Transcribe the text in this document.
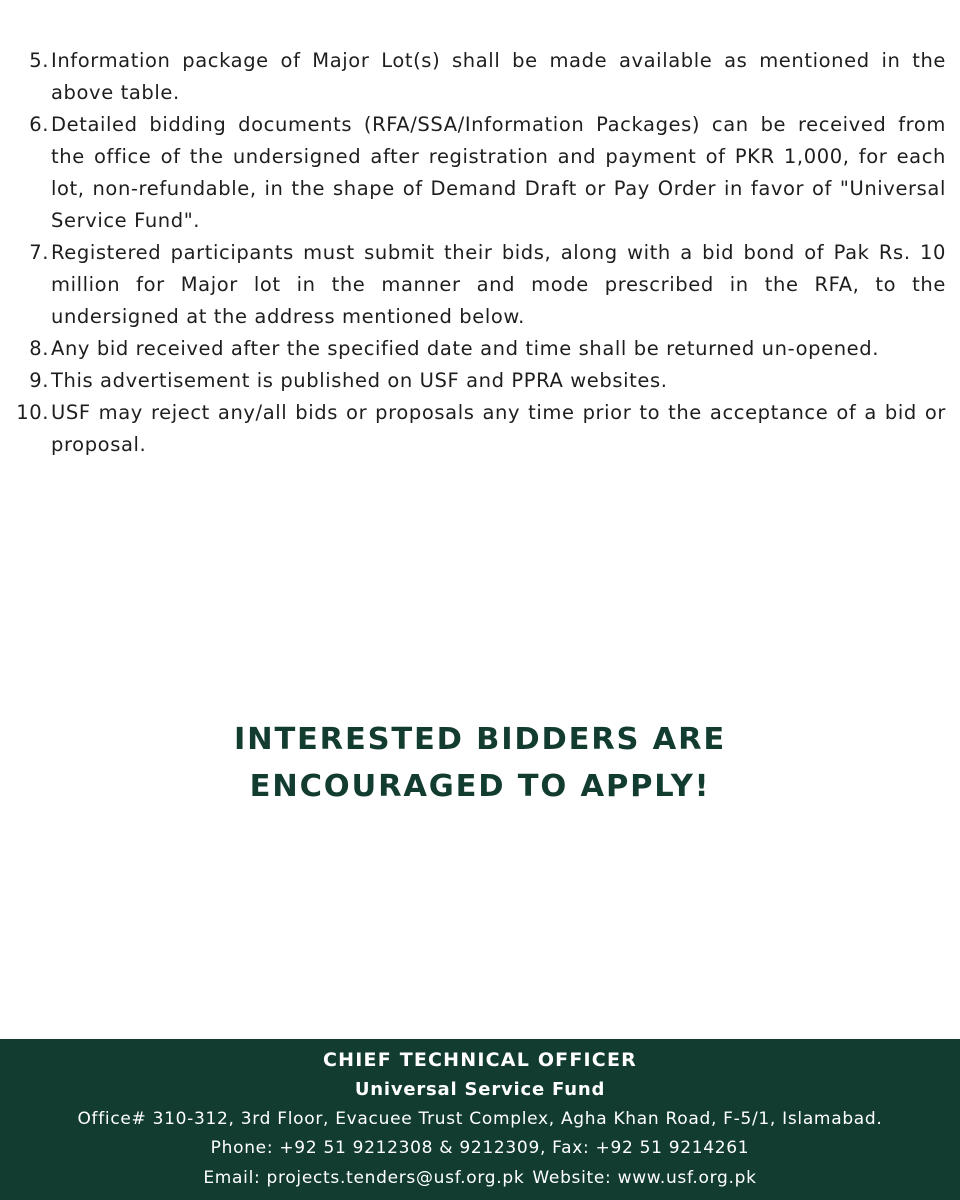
5. Information package of Major Lot(s) shall be made available as mentioned in the above table.
6. Detailed bidding documents (RFA/SSA/Information Packages) can be received from the office of the undersigned after registration and payment of PKR 1,000, for each lot, non-refundable, in the shape of Demand Draft or Pay Order in favor of "Universal Service Fund".
7. Registered participants must submit their bids, along with a bid bond of Pak Rs. 10 million for Major lot in the manner and mode prescribed in the RFA, to the undersigned at the address mentioned below.
8. Any bid received after the specified date and time shall be returned un-opened.
9. This advertisement is published on USF and PPRA websites.
10. USF may reject any/all bids or proposals any time prior to the acceptance of a bid or proposal.
INTERESTED BIDDERS ARE
ENCOURAGED TO APPLY!
CHIEF TECHNICAL OFFICER
Universal Service Fund
Office# 310-312, 3rd Floor, Evacuee Trust Complex, Agha Khan Road, F-5/1, Islamabad.
Phone: +92 51 9212308 & 9212309, Fax: +92 51 9214261
Email: projects.tenders@usf.org.pk Website: www.usf.org.pk
